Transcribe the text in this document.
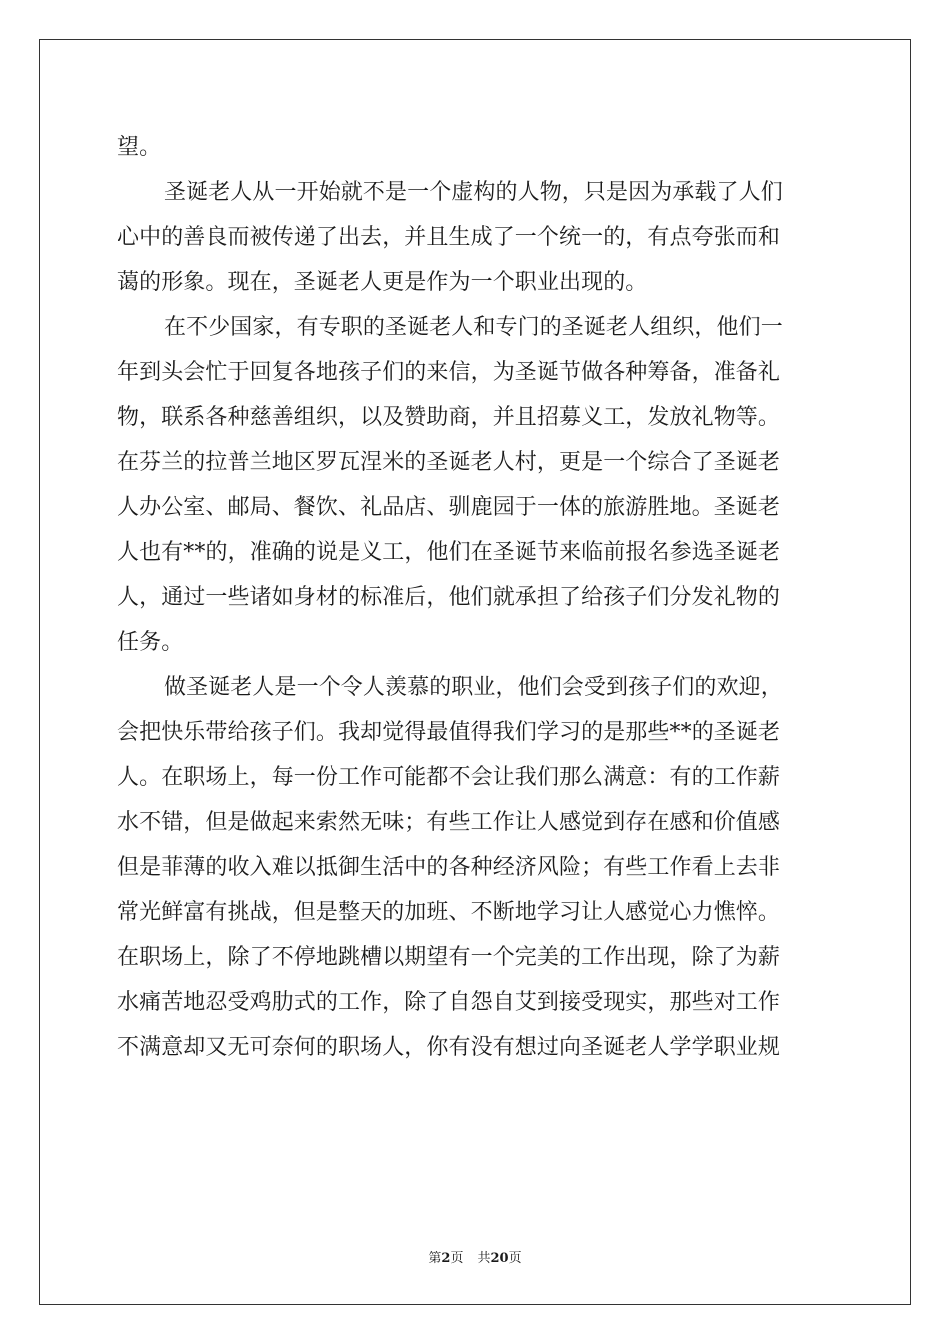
望。
圣诞老人从一开始就不是一个虚构的人物，只是因为承载了人们
心中的善良而被传递了出去，并且生成了一个统一的，有点夸张而和
蔼的形象。现在，圣诞老人更是作为一个职业出现的。
在不少国家，有专职的圣诞老人和专门的圣诞老人组织，他们一
年到头会忙于回复各地孩子们的来信，为圣诞节做各种筹备，准备礼
物，联系各种慈善组织，以及赞助商，并且招募义工，发放礼物等。
在芬兰的拉普兰地区罗瓦涅米的圣诞老人村，更是一个综合了圣诞老
人办公室、邮局、餐饮、礼品店、驯鹿园于一体的旅游胜地。圣诞老
人也有**的，准确的说是义工，他们在圣诞节来临前报名参选圣诞老
人，通过一些诸如身材的标准后，他们就承担了给孩子们分发礼物的
任务。
做圣诞老人是一个令人羡慕的职业，他们会受到孩子们的欢迎，
会把快乐带给孩子们。我却觉得最值得我们学习的是那些**的圣诞老
人。在职场上，每一份工作可能都不会让我们那么满意：有的工作薪
水不错，但是做起来索然无味；有些工作让人感觉到存在感和价值感
但是菲薄的收入难以抵御生活中的各种经济风险；有些工作看上去非
常光鲜富有挑战，但是整天的加班、不断地学习让人感觉心力憔悴。
在职场上，除了不停地跳槽以期望有一个完美的工作出现，除了为薪
水痛苦地忍受鸡肋式的工作，除了自怨自艾到接受现实，那些对工作
不满意却又无可奈何的职场人，你有没有想过向圣诞老人学学职业规
第2页 共20页
